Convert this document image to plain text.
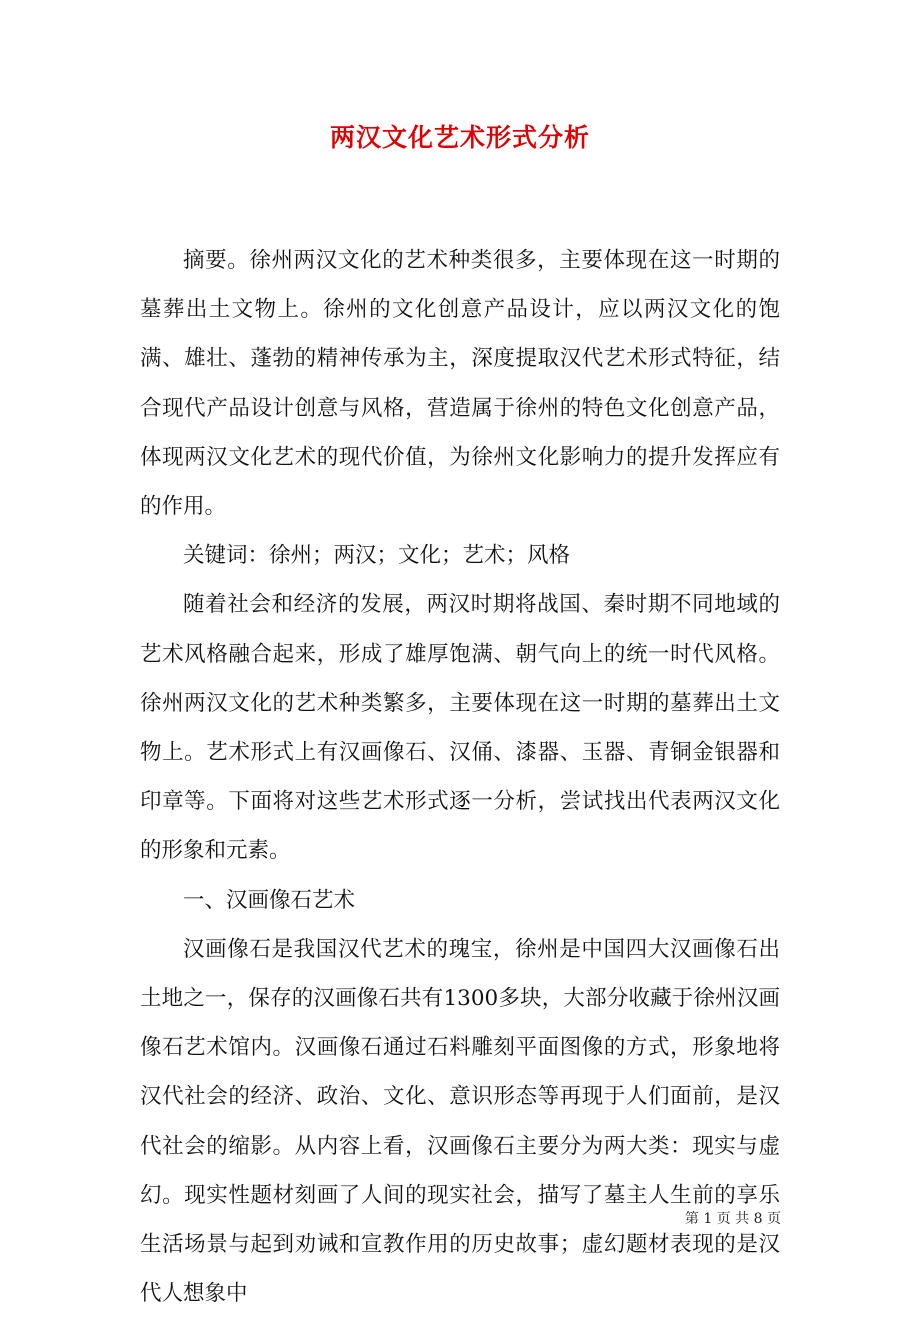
两汉文化艺术形式分析

摘要。徐州两汉文化的艺术种类很多，主要体现在这一时期的墓葬出土文物上。徐州的文化创意产品设计，应以两汉文化的饱满、雄壮、蓬勃的精神传承为主，深度提取汉代艺术形式特征，结合现代产品设计创意与风格，营造属于徐州的特色文化创意产品，体现两汉文化艺术的现代价值，为徐州文化影响力的提升发挥应有的作用。

关键词：徐州；两汉；文化；艺术；风格

随着社会和经济的发展，两汉时期将战国、秦时期不同地域的艺术风格融合起来，形成了雄厚饱满、朝气向上的统一时代风格。徐州两汉文化的艺术种类繁多，主要体现在这一时期的墓葬出土文物上。艺术形式上有汉画像石、汉俑、漆器、玉器、青铜金银器和印章等。下面将对这些艺术形式逐一分析，尝试找出代表两汉文化的形象和元素。

一、汉画像石艺术

汉画像石是我国汉代艺术的瑰宝，徐州是中国四大汉画像石出土地之一，保存的汉画像石共有1300多块，大部分收藏于徐州汉画像石艺术馆内。汉画像石通过石料雕刻平面图像的方式，形象地将汉代社会的经济、政治、文化、意识形态等再现于人们面前，是汉代社会的缩影。从内容上看，汉画像石主要分为两大类：现实与虚幻。现实性题材刻画了人间的现实社会，描写了墓主人生前的享乐生活场景与起到劝诫和宣教作用的历史故事；虚幻题材表现的是汉代人想象中

第 1 页 共 8 页
